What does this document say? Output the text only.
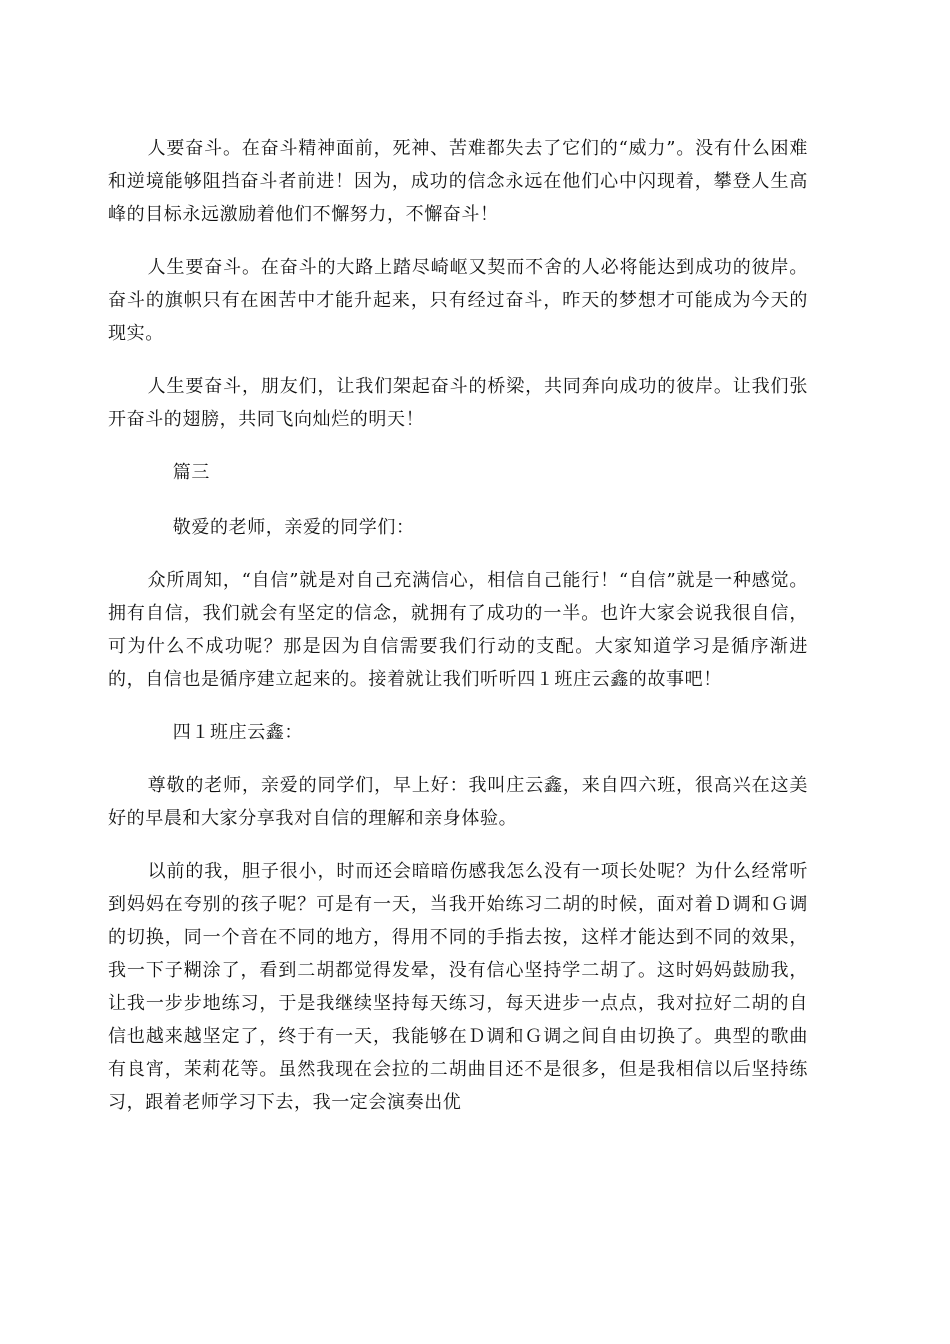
人要奋斗。在奋斗精神面前，死神、苦难都失去了它们的“威力”。没有什么困难和逆境能够阻挡奋斗者前进！因为，成功的信念永远在他们心中闪现着，攀登人生高峰的目标永远激励着他们不懈努力，不懈奋斗！

人生要奋斗。在奋斗的大路上踏尽崎岖又契而不舍的人必将能达到成功的彼岸。奋斗的旗帜只有在困苦中才能升起来，只有经过奋斗，昨天的梦想才可能成为今天的现实。

人生要奋斗，朋友们，让我们架起奋斗的桥梁，共同奔向成功的彼岸。让我们张开奋斗的翅膀，共同飞向灿烂的明天！

篇三

敬爱的老师，亲爱的同学们：

众所周知，“自信”就是对自己充满信心，相信自己能行！“自信”就是一种感觉。拥有自信，我们就会有坚定的信念，就拥有了成功的一半。也许大家会说我很自信，可为什么不成功呢？那是因为自信需要我们行动的支配。大家知道学习是循序渐进的，自信也是循序建立起来的。接着就让我们听听四１班庄云鑫的故事吧！

四１班庄云鑫：

尊敬的老师，亲爱的同学们，早上好：我叫庄云鑫，来自四六班，很高兴在这美好的早晨和大家分享我对自信的理解和亲身体验。

以前的我，胆子很小，时而还会暗暗伤感我怎么没有一项长处呢？为什么经常听到妈妈在夸别的孩子呢？可是有一天，当我开始练习二胡的时候，面对着Ｄ调和Ｇ调的切换，同一个音在不同的地方，得用不同的手指去按，这样才能达到不同的效果，我一下子糊涂了，看到二胡都觉得发晕，没有信心坚持学二胡了。这时妈妈鼓励我，让我一步步地练习，于是我继续坚持每天练习，每天进步一点点，我对拉好二胡的自信也越来越坚定了，终于有一天，我能够在Ｄ调和Ｇ调之间自由切换了。典型的歌曲有良宵，茉莉花等。虽然我现在会拉的二胡曲目还不是很多，但是我相信以后坚持练习，跟着老师学习下去，我一定会演奏出优
